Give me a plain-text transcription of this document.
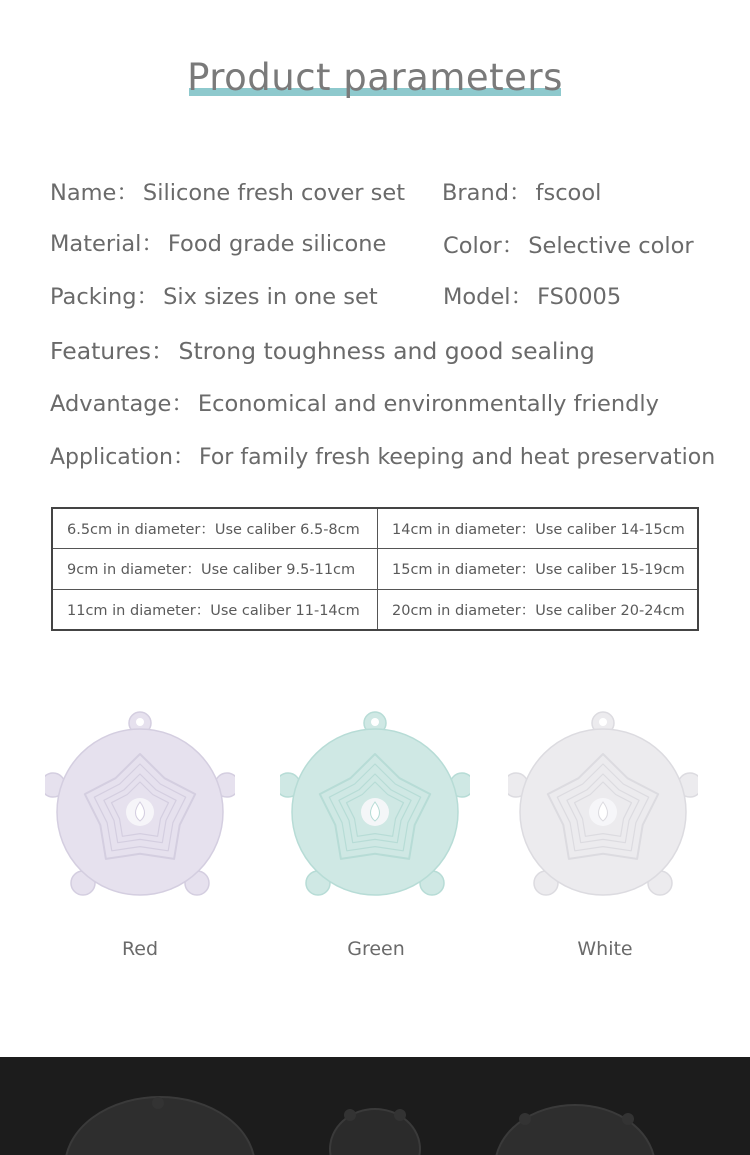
Product parameters
Name： Silicone fresh cover set Brand： fscool
Material： Food grade silicone	Color： Selective color
Packing： Six sizes in one set	Model： FS0005
Features： Strong toughness and good sealing
Advantage： Economical and environmentally friendly
Application： For family fresh keeping and heat preservation
6.5cm in diameter：Use caliber 6.5-8cm	14cm in diameter：Use caliber 14-15cm
9cm in diameter：Use caliber 9.5-11cm	15cm in diameter：Use caliber 15-19cm
11cm in diameter：Use caliber 11-14cm	20cm in diameter：Use caliber 20-24cm
Red	Green	White
